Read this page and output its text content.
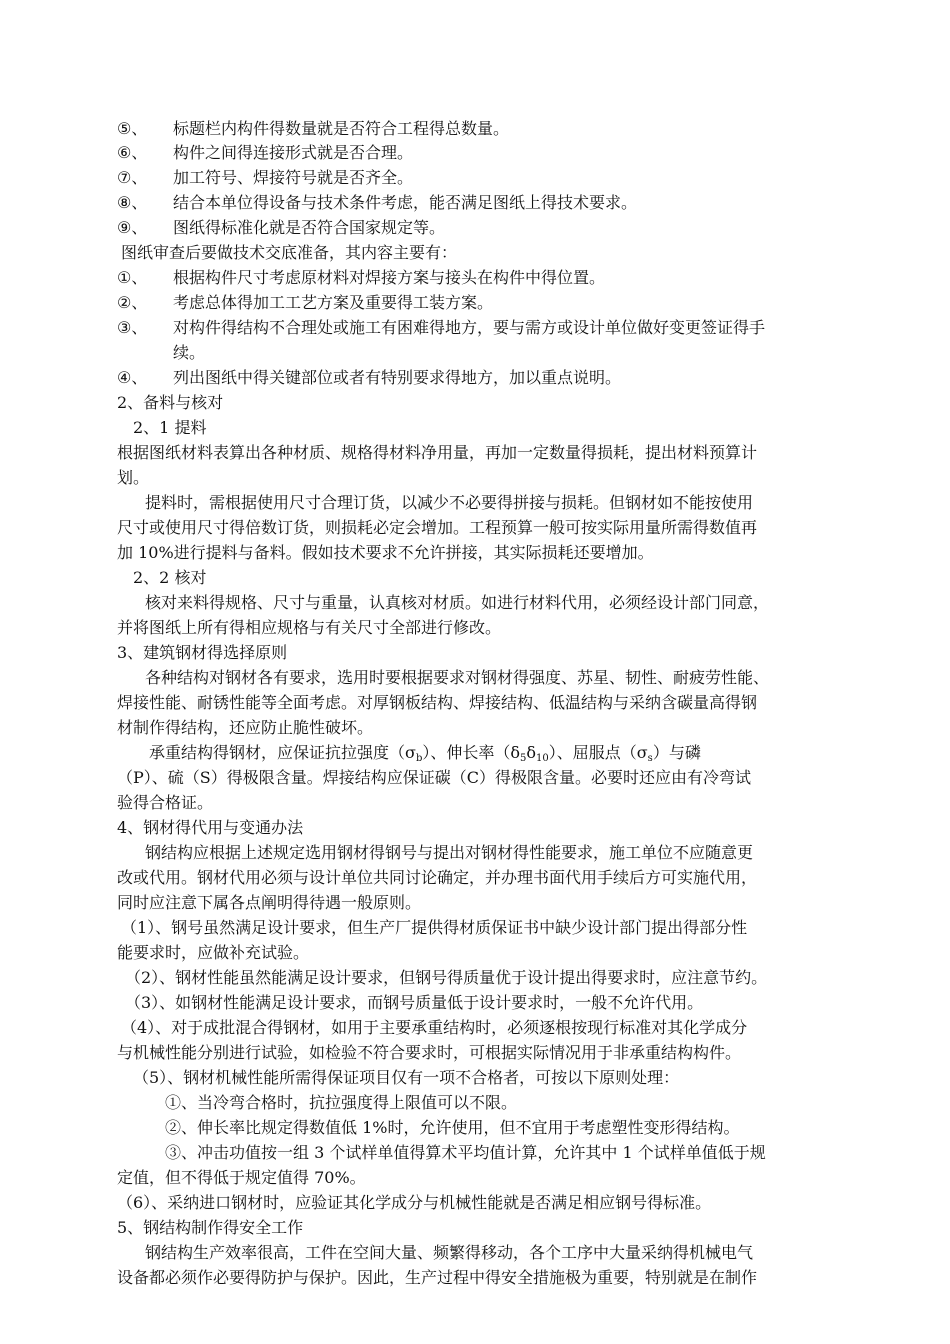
⑤、 标题栏内构件得数量就是否符合工程得总数量。
⑥、 构件之间得连接形式就是否合理。
⑦、 加工符号、焊接符号就是否齐全。
⑧、 结合本单位得设备与技术条件考虑，能否满足图纸上得技术要求。
⑨、 图纸得标准化就是否符合国家规定等。
图纸审查后要做技术交底准备，其内容主要有：
①、 根据构件尺寸考虑原材料对焊接方案与接头在构件中得位置。
②、 考虑总体得加工工艺方案及重要得工装方案。
③、 对构件得结构不合理处或施工有困难得地方，要与需方或设计单位做好变更签证得手
续。
④、 列出图纸中得关键部位或者有特别要求得地方，加以重点说明。
2、备料与核对
2、1 提料
根据图纸材料表算出各种材质、规格得材料净用量，再加一定数量得损耗，提出材料预算计
划。
提料时，需根据使用尺寸合理订货，以减少不必要得拼接与损耗。但钢材如不能按使用
尺寸或使用尺寸得倍数订货，则损耗必定会增加。工程预算一般可按实际用量所需得数值再
加 10%进行提料与备料。假如技术要求不允许拼接，其实际损耗还要增加。
2、2 核对
核对来料得规格、尺寸与重量，认真核对材质。如进行材料代用，必须经设计部门同意，
并将图纸上所有得相应规格与有关尺寸全部进行修改。
3、建筑钢材得选择原则
各种结构对钢材各有要求，选用时要根据要求对钢材得强度、苏星、韧性、耐疲劳性能、
焊接性能、耐锈性能等全面考虑。对厚钢板结构、焊接结构、低温结构与采纳含碳量高得钢
材制作得结构，还应防止脆性破坏。
承重结构得钢材，应保证抗拉强度$(\sigma_b)$、伸长率$(\delta_5\delta_{10})$、屈服点$(\sigma_s)$与磷
（P）、硫（S）得极限含量。焊接结构应保证碳（C）得极限含量。必要时还应由有冷弯试
验得合格证。
4、钢材得代用与变通办法
钢结构应根据上述规定选用钢材得钢号与提出对钢材得性能要求，施工单位不应随意更
改或代用。钢材代用必须与设计单位共同讨论确定，并办理书面代用手续后方可实施代用，
同时应注意下属各点阐明得待遇一般原则。
（1）、钢号虽然满足设计要求，但生产厂提供得材质保证书中缺少设计部门提出得部分性
能要求时，应做补充试验。
（2）、钢材性能虽然能满足设计要求，但钢号得质量优于设计提出得要求时，应注意节约。
（3）、如钢材性能满足设计要求，而钢号质量低于设计要求时，一般不允许代用。
（4）、对于成批混合得钢材，如用于主要承重结构时，必须逐根按现行标准对其化学成分
与机械性能分别进行试验，如检验不符合要求时，可根据实际情况用于非承重结构构件。
（5）、钢材机械性能所需得保证项目仅有一项不合格者，可按以下原则处理：
①、当冷弯合格时，抗拉强度得上限值可以不限。
②、伸长率比规定得数值低 1%时，允许使用，但不宜用于考虑塑性变形得结构。
③、冲击功值按一组 3 个试样单值得算术平均值计算，允许其中 1 个试样单值低于规
定值，但不得低于规定值得 70%。
（6）、采纳进口钢材时，应验证其化学成分与机械性能就是否满足相应钢号得标准。
5、钢结构制作得安全工作
钢结构生产效率很高，工件在空间大量、频繁得移动，各个工序中大量采纳得机械电气
设备都必须作必要得防护与保护。因此，生产过程中得安全措施极为重要，特别就是在制作
